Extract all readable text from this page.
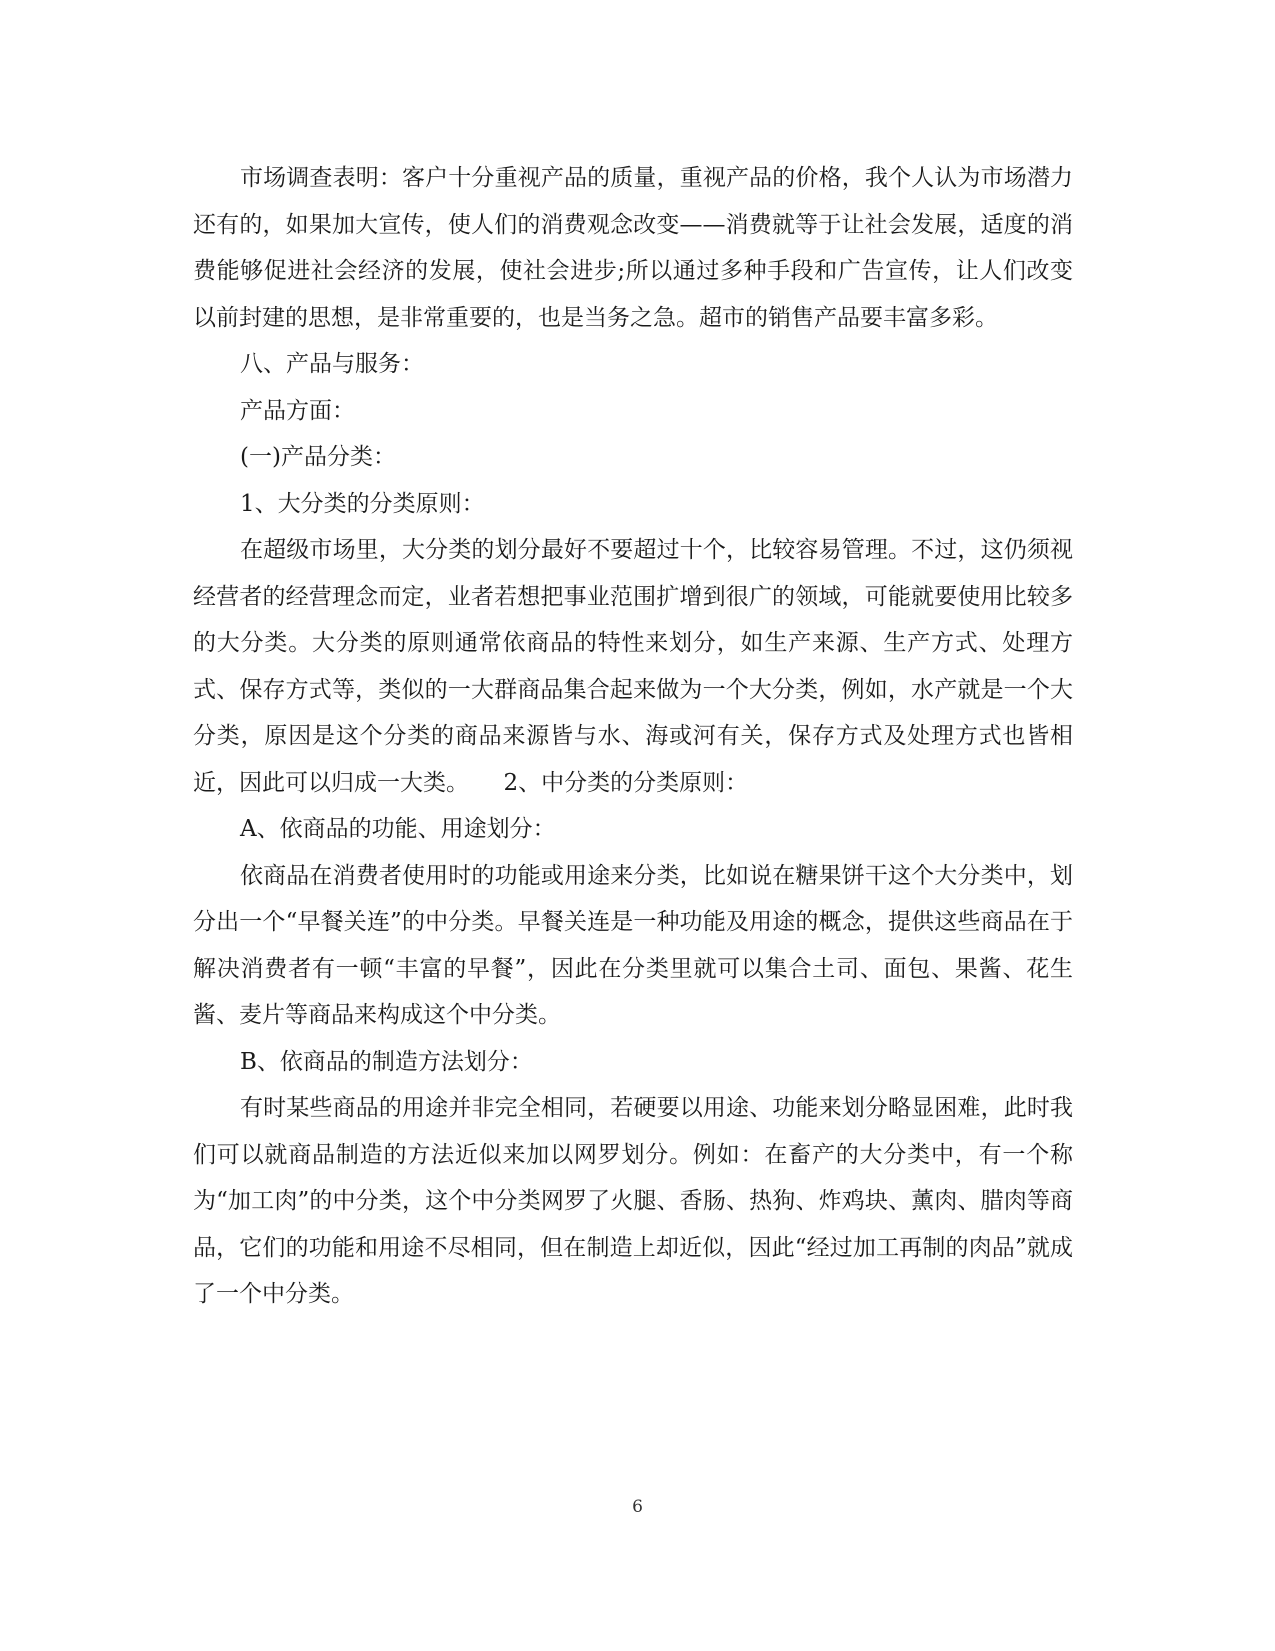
市场调查表明：客户十分重视产品的质量，重视产品的价格，我个人认为市场潜力还有的，如果加大宣传，使人们的消费观念改变——消费就等于让社会发展，适度的消费能够促进社会经济的发展，使社会进步;所以通过多种手段和广告宣传，让人们改变以前封建的思想，是非常重要的，也是当务之急。超市的销售产品要丰富多彩。

八、产品与服务：

产品方面：

(一)产品分类：

1、大分类的分类原则：

在超级市场里，大分类的划分最好不要超过十个，比较容易管理。不过，这仍须视经营者的经营理念而定，业者若想把事业范围扩增到很广的领域，可能就要使用比较多的大分类。大分类的原则通常依商品的特性来划分，如生产来源、生产方式、处理方式、保存方式等，类似的一大群商品集合起来做为一个大分类，例如，水产就是一个大分类，原因是这个分类的商品来源皆与水、海或河有关，保存方式及处理方式也皆相近，因此可以归成一大类。　　2、中分类的分类原则：

A、依商品的功能、用途划分：

依商品在消费者使用时的功能或用途来分类，比如说在糖果饼干这个大分类中，划分出一个“早餐关连”的中分类。早餐关连是一种功能及用途的概念，提供这些商品在于解决消费者有一顿“丰富的早餐”，因此在分类里就可以集合土司、面包、果酱、花生酱、麦片等商品来构成这个中分类。

B、依商品的制造方法划分：

有时某些商品的用途并非完全相同，若硬要以用途、功能来划分略显困难，此时我们可以就商品制造的方法近似来加以网罗划分。例如：在畜产的大分类中，有一个称为“加工肉”的中分类，这个中分类网罗了火腿、香肠、热狗、炸鸡块、薰肉、腊肉等商品，它们的功能和用途不尽相同，但在制造上却近似，因此“经过加工再制的肉品”就成了一个中分类。

6
